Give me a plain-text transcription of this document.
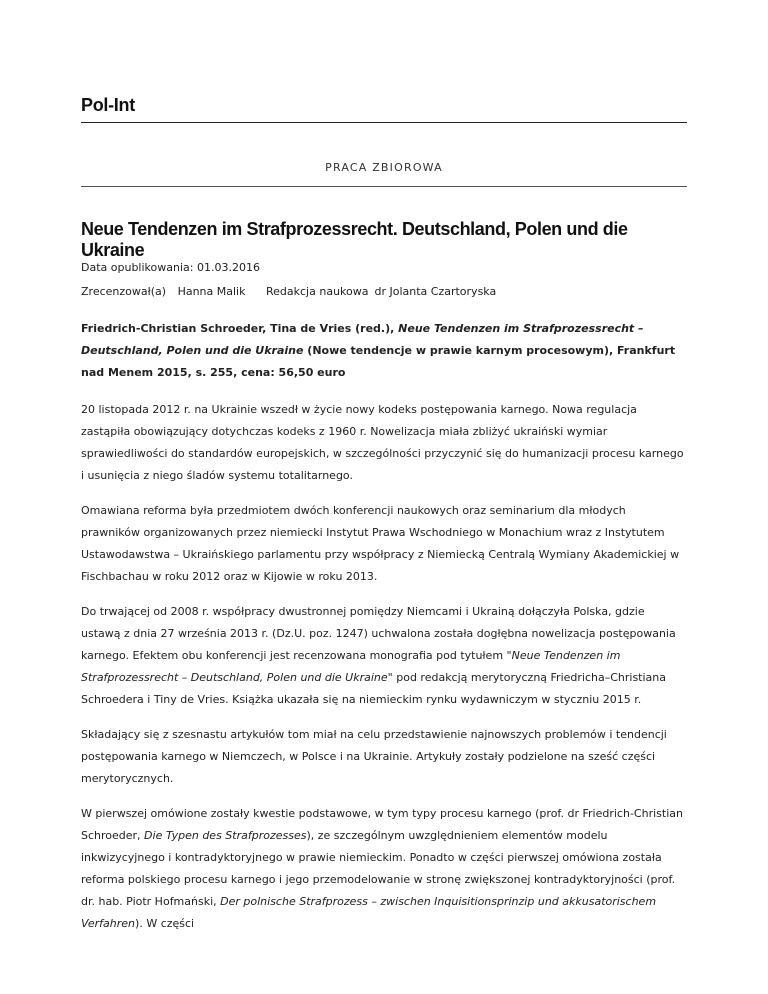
Pol-Int
PRACA ZBIOROWA
Neue Tendenzen im Strafprozessrecht. Deutschland, Polen und die Ukraine
Data opublikowania: 01.03.2016
Zrecenzował(a) Hanna Malik Redakcja naukowa dr Jolanta Czartoryska

Friedrich-Christian Schroeder, Tina de Vries (red.), Neue Tendenzen im Strafprozessrecht – Deutschland, Polen und die Ukraine (Nowe tendencje w prawie karnym procesowym), Frankfurt nad Menem 2015, s. 255, cena: 56,50 euro

20 listopada 2012 r. na Ukrainie wszedł w życie nowy kodeks postępowania karnego. Nowa regulacja zastąpiła obowiązujący dotychczas kodeks z 1960 r. Nowelizacja miała zbliżyć ukraiński wymiar sprawiedliwości do standardów europejskich, w szczególności przyczynić się do humanizacji procesu karnego i usunięcia z niego śladów systemu totalitarnego.

Omawiana reforma była przedmiotem dwóch konferencji naukowych oraz seminarium dla młodych prawników organizowanych przez niemiecki Instytut Prawa Wschodniego w Monachium wraz z Instytutem Ustawodawstwa – Ukraińskiego parlamentu przy współpracy z Niemiecką Centralą Wymiany Akademickiej w Fischbachau w roku 2012 oraz w Kijowie w roku 2013.

Do trwającej od 2008 r. współpracy dwustronnej pomiędzy Niemcami i Ukrainą dołączyła Polska, gdzie ustawą z dnia 27 września 2013 r. (Dz.U. poz. 1247) uchwalona została dogłębna nowelizacja postępowania karnego. Efektem obu konferencji jest recenzowana monografia pod tytułem "Neue Tendenzen im Strafprozessrecht – Deutschland, Polen und die Ukraine" pod redakcją merytoryczną Friedricha–Christiana Schroedera i Tiny de Vries. Książka ukazała się na niemieckim rynku wydawniczym w styczniu 2015 r.

Składający się z szesnastu artykułów tom miał na celu przedstawienie najnowszych problemów i tendencji postępowania karnego w Niemczech, w Polsce i na Ukrainie. Artykuły zostały podzielone na sześć części merytorycznych.

W pierwszej omówione zostały kwestie podstawowe, w tym typy procesu karnego (prof. dr Friedrich-Christian Schroeder, Die Typen des Strafprozesses), ze szczególnym uwzględnieniem elementów modelu inkwizycyjnego i kontradyktoryjnego w prawie niemieckim. Ponadto w części pierwszej omówiona została reforma polskiego procesu karnego i jego przemodelowanie w stronę zwiększonej kontradyktoryjności (prof. dr. hab. Piotr Hofmański, Der polnische Strafprozess – zwischen Inquisitionsprinzip und akkusatorischem Verfahren). W części
